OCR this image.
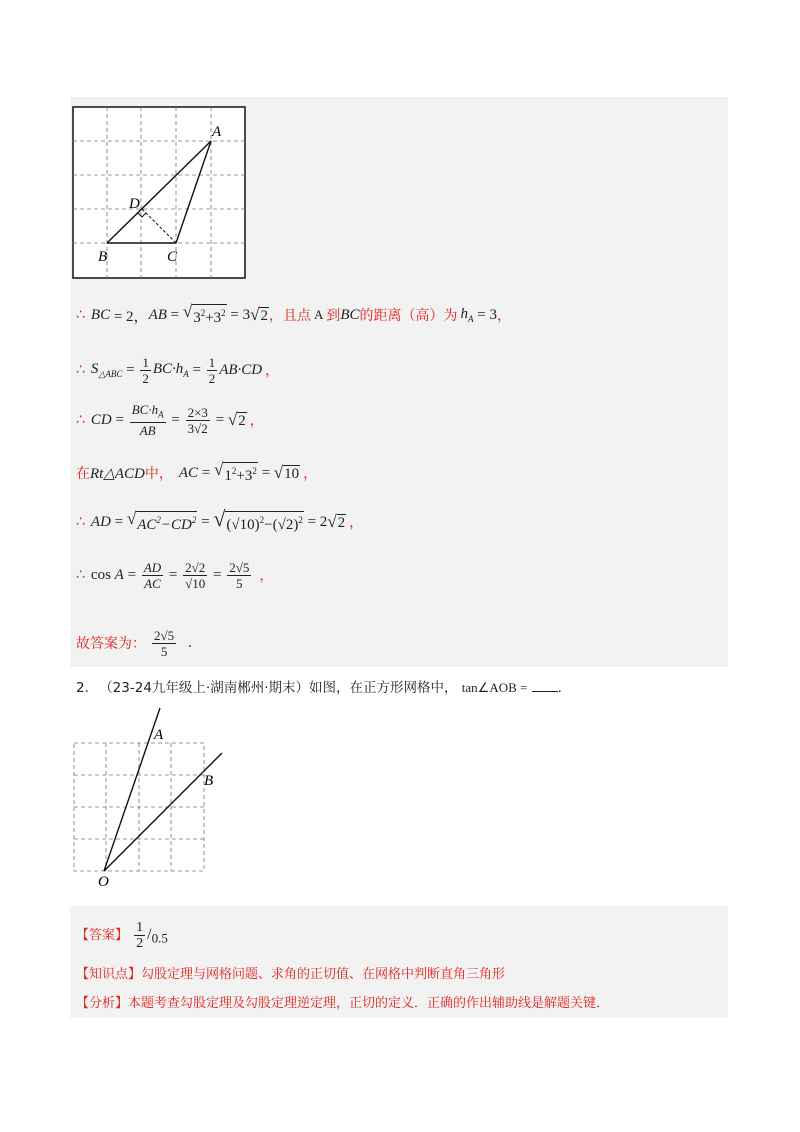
A
B	C
D
∴ BC = 2， AB = √ $3^2+3^2 = 3$ √ 2 ，且点 A 到 BC 的距离（高）为 $h_A = 3$ ，
∴ $S_{\triangle ABC} = \frac{1}{2} BC\cdot h_A = \frac{1}{2} AB\cdot CD$ ，
∴ CD = $\frac{BC\cdot h_A}{AB} = \frac{2\times 3}{3√2}$ = √ 2 ，
在 Rt△ACD 中， AC = √ $1^2+3^2$ = √ 10 ，
∴ AD = √ $AC^2-CD^2$ = √ $(√10)^2-(√2)^2 = 2$ √ 2 ，
∴ $\cos A = \frac{AD}{AC} = \frac{2√2}{√10} = \frac{2√5}{5}$ ，
故答案为： $\frac{2√5}{5}$ .
2. （23-24九年级上·湖南郴州·期末）如图，在正方形网格中， tan∠AOB = .
A
B
O
【答案】 $\frac{1}{2} /0.5$
【知识点】勾股定理与网格问题、求角的正切值、在网格中判断直角三角形
【分析】本题考查勾股定理及勾股定理逆定理，正切的定义．正确的作出辅助线是解题关键．
